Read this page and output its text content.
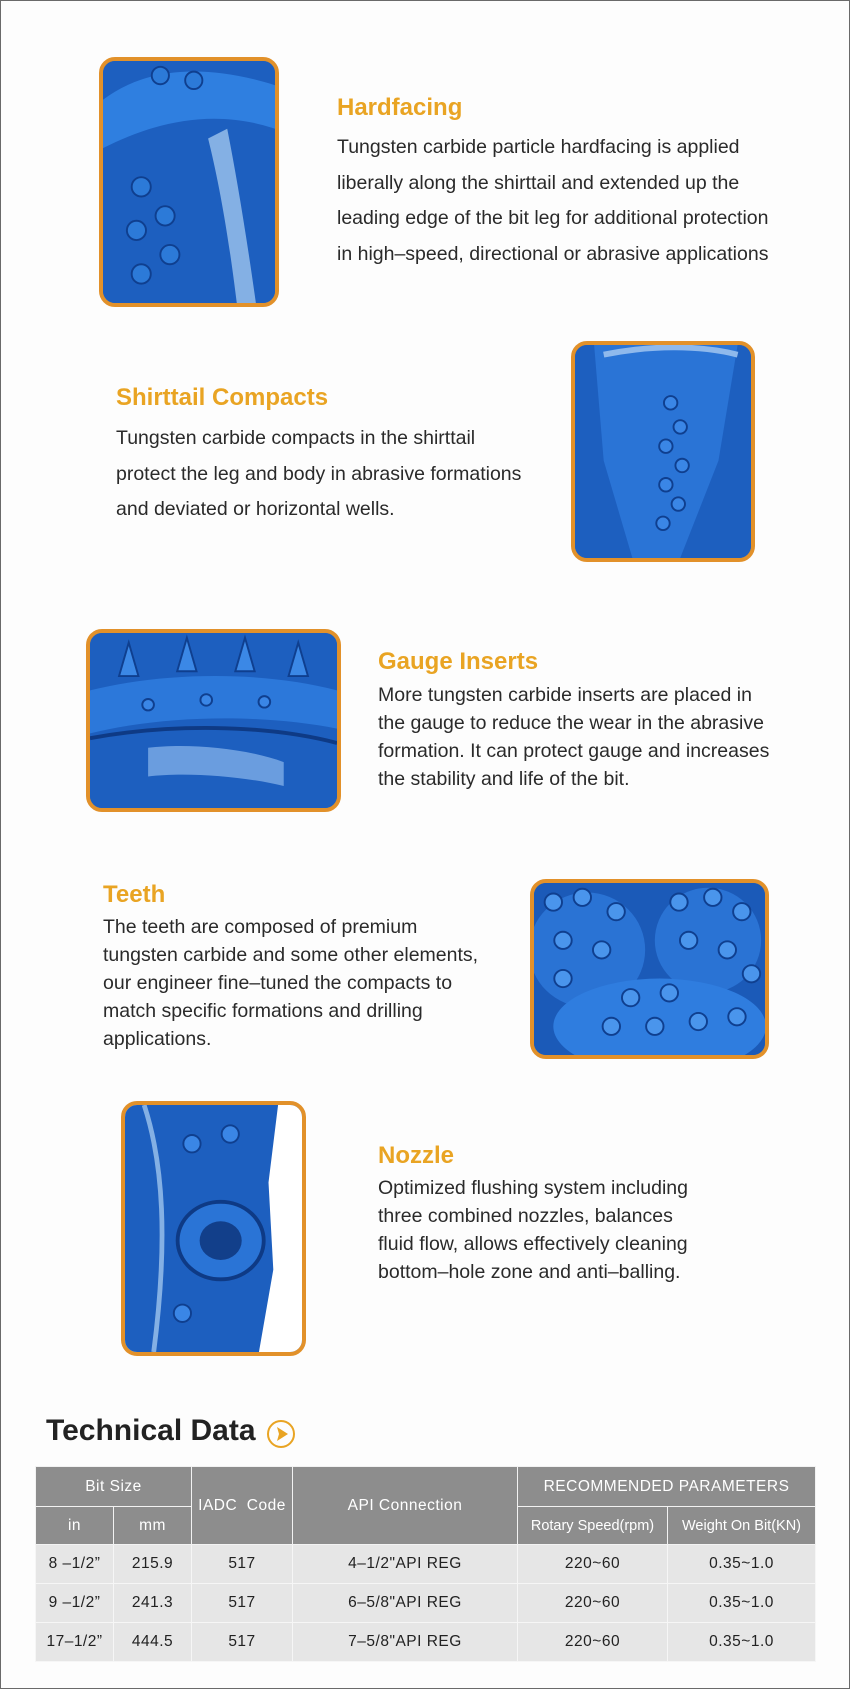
Hardfacing
Tungsten carbide particle hardfacing is applied
liberally along the shirttail and extended up the
leading edge of the bit leg for additional protection
in high–speed, directional or abrasive applications
Shirttail Compacts
Tungsten carbide compacts in the shirttail
protect the leg and body in abrasive formations
and deviated or horizontal wells.
Gauge Inserts
More tungsten carbide inserts are placed in
the gauge to reduce the wear in the abrasive
formation. It can protect gauge and increases
the stability and life of the bit.
Teeth
The teeth are composed of premium
tungsten carbide and some other elements,
our engineer fine–tuned the compacts to
match specific formations and drilling
applications.
Nozzle
Optimized flushing system including
three combined nozzles, balances
fluid flow, allows effectively cleaning
bottom–hole zone and anti–balling.
Technical Data
Bit Size		IADC  Code	API Connection	RECOMMENDED PARAMETERS	
in	mm			Rotary Speed(rpm)	Weight On Bit(KN)
8 –1/2”	215.9	517	4–1/2"API REG	220~60	0.35~1.0
9 –1/2”	241.3	517	6–5/8"API REG	220~60	0.35~1.0
17–1/2”	444.5	517	7–5/8"API REG	220~60	0.35~1.0
